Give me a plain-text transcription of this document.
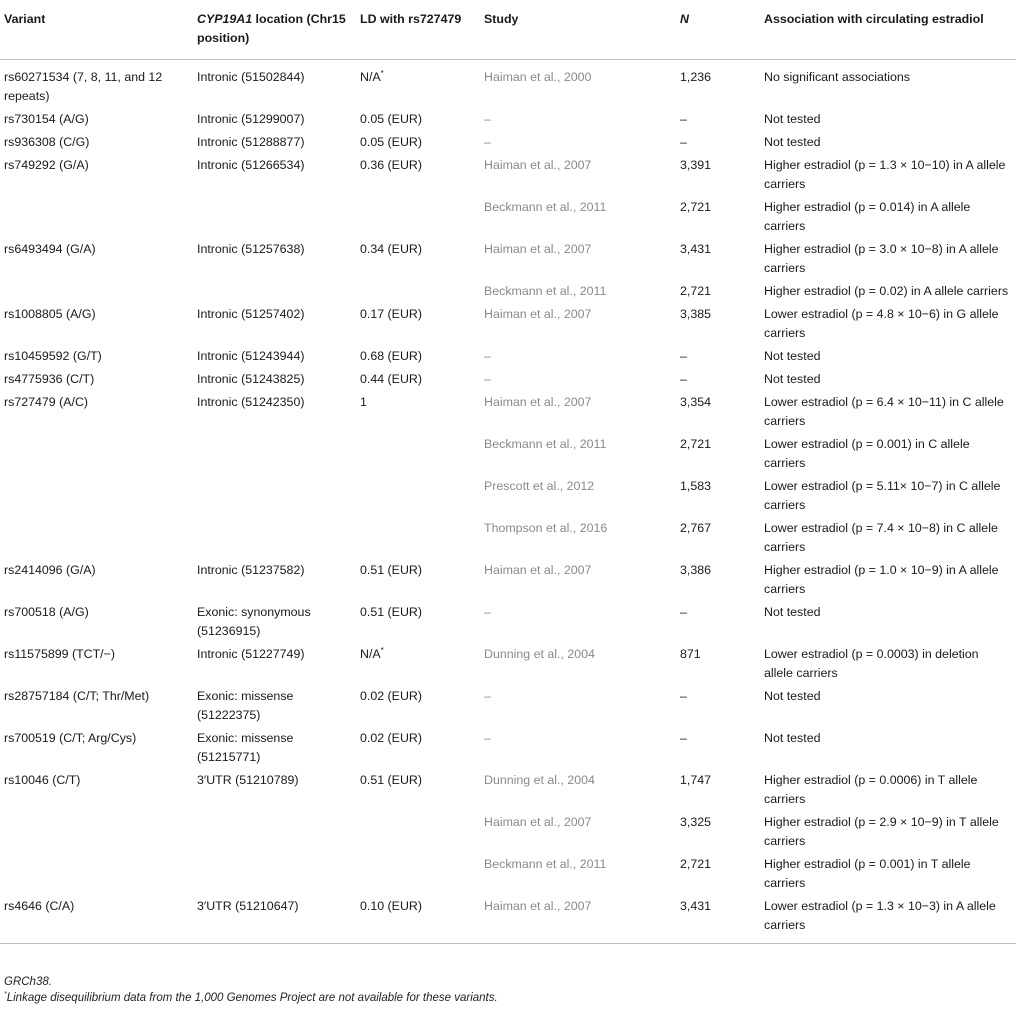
Variant	CYP19A1 location (Chr15 position)	LD with rs727479	Study	N	Association with circulating estradiol
rs60271534 (7, 8, 11, and 12 repeats)	Intronic (51502844)	N/A*	Haiman et al., 2000	1,236	No significant associations
rs730154 (A/G)	Intronic (51299007)	0.05 (EUR)	–	–	Not tested
rs936308 (C/G)	Intronic (51288877)	0.05 (EUR)	–	–	Not tested
rs749292 (G/A)	Intronic (51266534)	0.36 (EUR)	Haiman et al., 2007	3,391	Higher estradiol (p = 1.3 × 10−10) in A allele carriers
			Beckmann et al., 2011	2,721	Higher estradiol (p = 0.014) in A allele carriers
rs6493494 (G/A)	Intronic (51257638)	0.34 (EUR)	Haiman et al., 2007	3,431	Higher estradiol (p = 3.0 × 10−8) in A allele carriers
			Beckmann et al., 2011	2,721	Higher estradiol (p = 0.02) in A allele carriers
rs1008805 (A/G)	Intronic (51257402)	0.17 (EUR)	Haiman et al., 2007	3,385	Lower estradiol (p = 4.8 × 10−6) in G allele carriers
rs10459592 (G/T)	Intronic (51243944)	0.68 (EUR)	–	–	Not tested
rs4775936 (C/T)	Intronic (51243825)	0.44 (EUR)	–	–	Not tested
rs727479 (A/C)	Intronic (51242350)	1	Haiman et al., 2007	3,354	Lower estradiol (p = 6.4 × 10−11) in C allele carriers
			Beckmann et al., 2011	2,721	Lower estradiol (p = 0.001) in C allele carriers
			Prescott et al., 2012	1,583	Lower estradiol (p = 5.11× 10−7) in C allele carriers
			Thompson et al., 2016	2,767	Lower estradiol (p = 7.4 × 10−8) in C allele carriers
rs2414096 (G/A)	Intronic (51237582)	0.51 (EUR)	Haiman et al., 2007	3,386	Higher estradiol (p = 1.0 × 10−9) in A allele carriers
rs700518 (A/G)	Exonic: synonymous (51236915)	0.51 (EUR)	–	–	Not tested
rs11575899 (TCT/−)	Intronic (51227749)	N/A*	Dunning et al., 2004	871	Lower estradiol (p = 0.0003) in deletion allele carriers
rs28757184 (C/T; Thr/Met)	Exonic: missense (51222375)	0.02 (EUR)	–	–	Not tested
rs700519 (C/T; Arg/Cys)	Exonic: missense (51215771)	0.02 (EUR)	–	–	Not tested
rs10046 (C/T)	3′UTR (51210789)	0.51 (EUR)	Dunning et al., 2004	1,747	Higher estradiol (p = 0.0006) in T allele carriers
			Haiman et al., 2007	3,325	Higher estradiol (p = 2.9 × 10−9) in T allele carriers
			Beckmann et al., 2011	2,721	Higher estradiol (p = 0.001) in T allele carriers
rs4646 (C/A)	3′UTR (51210647)	0.10 (EUR)	Haiman et al., 2007	3,431	Lower estradiol (p = 1.3 × 10−3) in A allele carriers
GRCh38.
*Linkage disequilibrium data from the 1,000 Genomes Project are not available for these variants.
